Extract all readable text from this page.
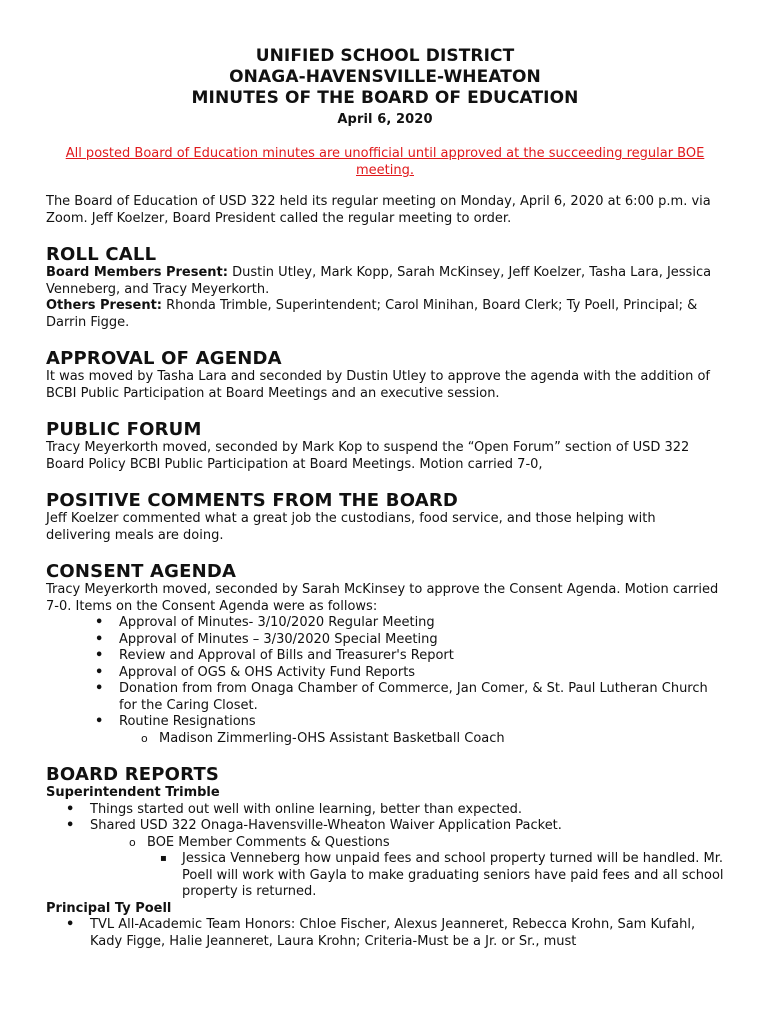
UNIFIED SCHOOL DISTRICT
ONAGA-HAVENSVILLE-WHEATON
MINUTES OF THE BOARD OF EDUCATION
April 6, 2020

All posted Board of Education minutes are unofficial until approved at the succeeding regular BOE meeting.

The Board of Education of USD 322 held its regular meeting on Monday, April 6, 2020 at 6:00 p.m. via Zoom. Jeff Koelzer, Board President called the regular meeting to order.

ROLL CALL

Board Members Present: Dustin Utley, Mark Kopp, Sarah McKinsey, Jeff Koelzer, Tasha Lara, Jessica Venneberg, and Tracy Meyerkorth.

Others Present: Rhonda Trimble, Superintendent; Carol Minihan, Board Clerk; Ty Poell, Principal; & Darrin Figge.

APPROVAL OF AGENDA

It was moved by Tasha Lara and seconded by Dustin Utley to approve the agenda with the addition of BCBI Public Participation at Board Meetings and an executive session.

PUBLIC FORUM

Tracy Meyerkorth moved, seconded by Mark Kop to suspend the “Open Forum” section of USD 322 Board Policy BCBI Public Participation at Board Meetings. Motion carried 7-0,

POSITIVE COMMENTS FROM THE BOARD

Jeff Koelzer commented what a great job the custodians, food service, and those helping with delivering meals are doing.

CONSENT AGENDA

Tracy Meyerkorth moved, seconded by Sarah McKinsey to approve the Consent Agenda. Motion carried 7-0. Items on the Consent Agenda were as follows:

• Approval of Minutes- 3/10/2020 Regular Meeting
• Approval of Minutes – 3/30/2020 Special Meeting
• Review and Approval of Bills and Treasurer's Report
• Approval of OGS & OHS Activity Fund Reports
• Donation from from Onaga Chamber of Commerce, Jan Comer, & St. Paul Lutheran Church for the Caring Closet.
• Routine Resignations
o Madison Zimmerling-OHS Assistant Basketball Coach
BOARD REPORTS
Superintendent Trimble
• Things started out well with online learning, better than expected.
• Shared USD 322 Onaga-Havensville-Wheaton Waiver Application Packet.
o BOE Member Comments & Questions
▪ Jessica Venneberg how unpaid fees and school property turned will be handled. Mr. Poell will work with Gayla to make graduating seniors have paid fees and all school property is returned.
Principal Ty Poell
• TVL All-Academic Team Honors: Chloe Fischer, Alexus Jeanneret, Rebecca Krohn, Sam Kufahl, Kady Figge, Halie Jeanneret, Laura Krohn; Criteria-Must be a Jr. or Sr., must
